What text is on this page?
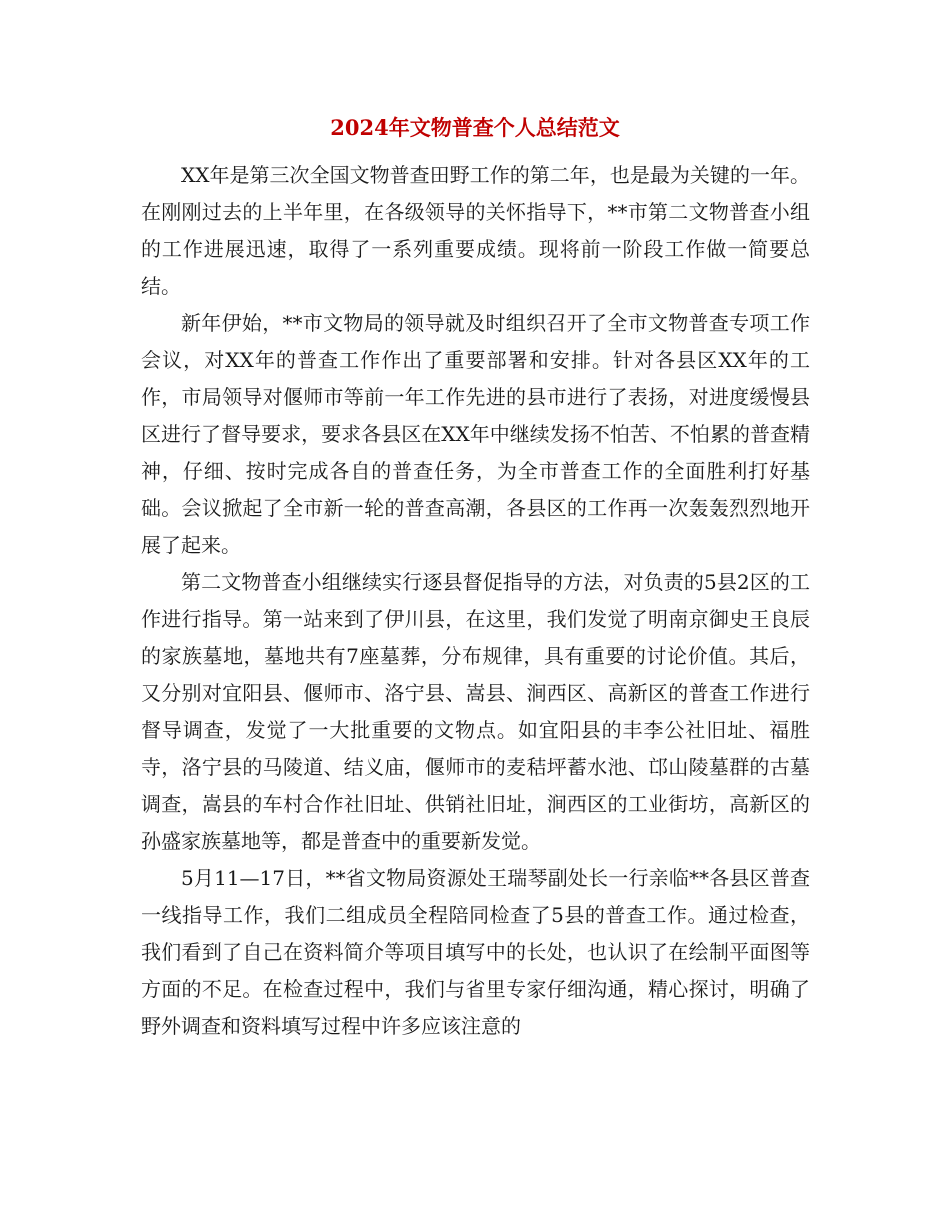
2024年文物普查个人总结范文

XX年是第三次全国文物普查田野工作的第二年，也是最为关键的一年。在刚刚过去的上半年里，在各级领导的关怀指导下，**市第二文物普查小组的工作进展迅速，取得了一系列重要成绩。现将前一阶段工作做一简要总结。

新年伊始，**市文物局的领导就及时组织召开了全市文物普查专项工作会议，对XX年的普查工作作出了重要部署和安排。针对各县区XX年的工作，市局领导对偃师市等前一年工作先进的县市进行了表扬，对进度缓慢县区进行了督导要求，要求各县区在XX年中继续发扬不怕苦、不怕累的普查精神，仔细、按时完成各自的普查任务，为全市普查工作的全面胜利打好基础。会议掀起了全市新一轮的普查高潮，各县区的工作再一次轰轰烈烈地开展了起来。

第二文物普查小组继续实行逐县督促指导的方法，对负责的5县2区的工作进行指导。第一站来到了伊川县，在这里，我们发觉了明南京御史王良辰的家族墓地，墓地共有7座墓葬，分布规律，具有重要的讨论价值。其后，又分别对宜阳县、偃师市、洛宁县、嵩县、涧西区、高新区的普查工作进行督导调查，发觉了一大批重要的文物点。如宜阳县的丰李公社旧址、福胜寺，洛宁县的马陵道、结义庙，偃师市的麦秸坪蓄水池、邙山陵墓群的古墓调查，嵩县的车村合作社旧址、供销社旧址，涧西区的工业街坊，高新区的孙盛家族墓地等，都是普查中的重要新发觉。

5月11—17日，**省文物局资源处王瑞琴副处长一行亲临**各县区普查一线指导工作，我们二组成员全程陪同检查了5县的普查工作。通过检查，我们看到了自己在资料简介等项目填写中的长处，也认识了在绘制平面图等方面的不足。在检查过程中，我们与省里专家仔细沟通，精心探讨，明确了野外调查和资料填写过程中许多应该注意的
